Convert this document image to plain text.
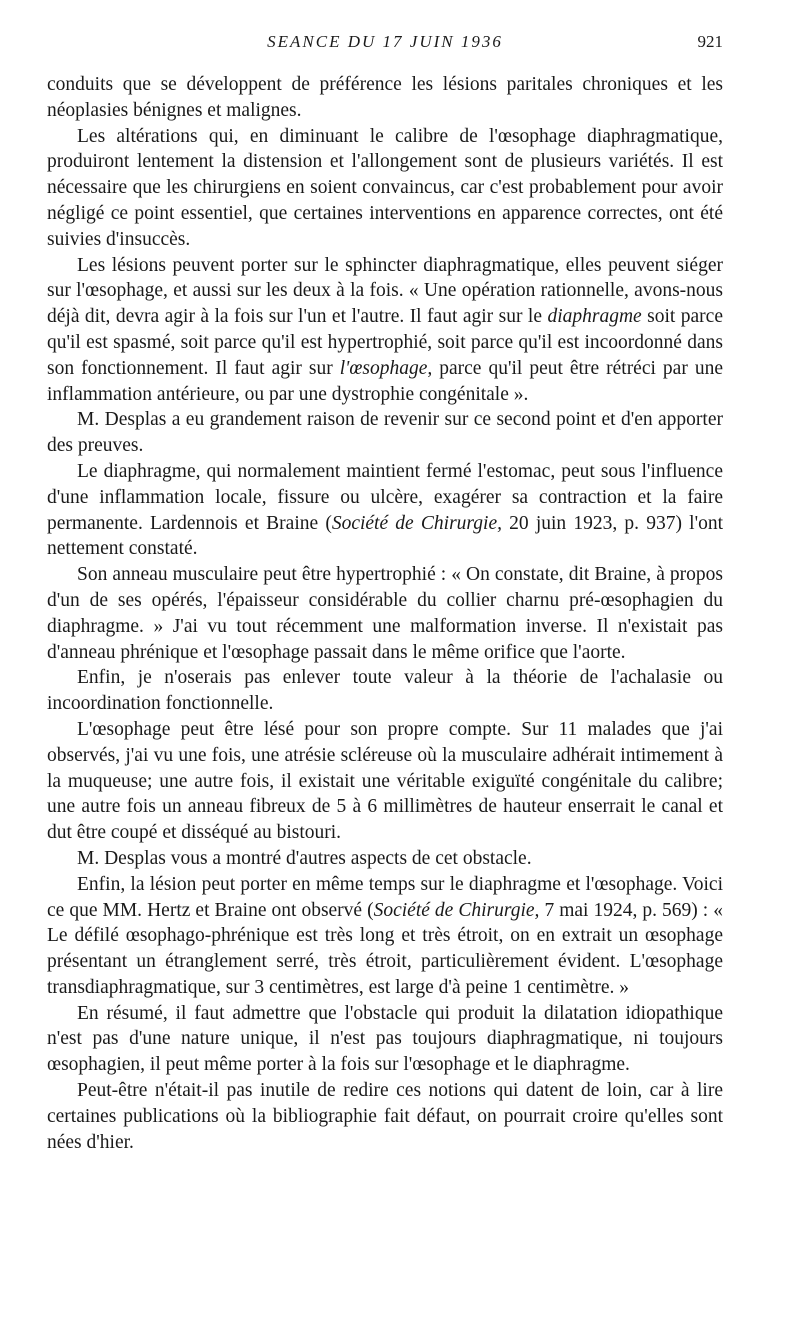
SEANCE DU 17 JUIN 1936	921

conduits que se développent de préférence les lésions paritales chroniques et les néoplasies bénignes et malignes.

Les altérations qui, en diminuant le calibre de l'œsophage diaphragmatique, produiront lentement la distension et l'allongement sont de plusieurs variétés. Il est nécessaire que les chirurgiens en soient convaincus, car c'est probablement pour avoir négligé ce point essentiel, que certaines interventions en apparence correctes, ont été suivies d'insuccès.

Les lésions peuvent porter sur le sphincter diaphragmatique, elles peuvent siéger sur l'œsophage, et aussi sur les deux à la fois. « Une opération rationnelle, avons-nous déjà dit, devra agir à la fois sur l'un et l'autre. Il faut agir sur le diaphragme soit parce qu'il est spasmé, soit parce qu'il est hypertrophié, soit parce qu'il est incoordonné dans son fonctionnement. Il faut agir sur l'œsophage, parce qu'il peut être rétréci par une inflammation antérieure, ou par une dystrophie congénitale ».

M. Desplas a eu grandement raison de revenir sur ce second point et d'en apporter des preuves.

Le diaphragme, qui normalement maintient fermé l'estomac, peut sous l'influence d'une inflammation locale, fissure ou ulcère, exagérer sa contraction et la faire permanente. Lardennois et Braine (Société de Chirurgie, 20 juin 1923, p. 937) l'ont nettement constaté.

Son anneau musculaire peut être hypertrophié : « On constate, dit Braine, à propos d'un de ses opérés, l'épaisseur considérable du collier charnu pré-œsophagien du diaphragme. » J'ai vu tout récemment une malformation inverse. Il n'existait pas d'anneau phrénique et l'œsophage passait dans le même orifice que l'aorte.

Enfin, je n'oserais pas enlever toute valeur à la théorie de l'achalasie ou incoordination fonctionnelle.

L'œsophage peut être lésé pour son propre compte. Sur 11 malades que j'ai observés, j'ai vu une fois, une atrésie scléreuse où la musculaire adhérait intimement à la muqueuse; une autre fois, il existait une véritable exiguïté congénitale du calibre; une autre fois un anneau fibreux de 5 à 6 millimètres de hauteur enserrait le canal et dut être coupé et disséqué au bistouri.

M. Desplas vous a montré d'autres aspects de cet obstacle.

Enfin, la lésion peut porter en même temps sur le diaphragme et l'œsophage. Voici ce que MM. Hertz et Braine ont observé (Société de Chirurgie, 7 mai 1924, p. 569) : « Le défilé œsophago-phrénique est très long et très étroit, on en extrait un œsophage présentant un étranglement serré, très étroit, particulièrement évident. L'œsophage transdiaphragmatique, sur 3 centimètres, est large d'à peine 1 centimètre. »

En résumé, il faut admettre que l'obstacle qui produit la dilatation idiopathique n'est pas d'une nature unique, il n'est pas toujours diaphragmatique, ni toujours œsophagien, il peut même porter à la fois sur l'œsophage et le diaphragme.

Peut-être n'était-il pas inutile de redire ces notions qui datent de loin, car à lire certaines publications où la bibliographie fait défaut, on pourrait croire qu'elles sont nées d'hier.
